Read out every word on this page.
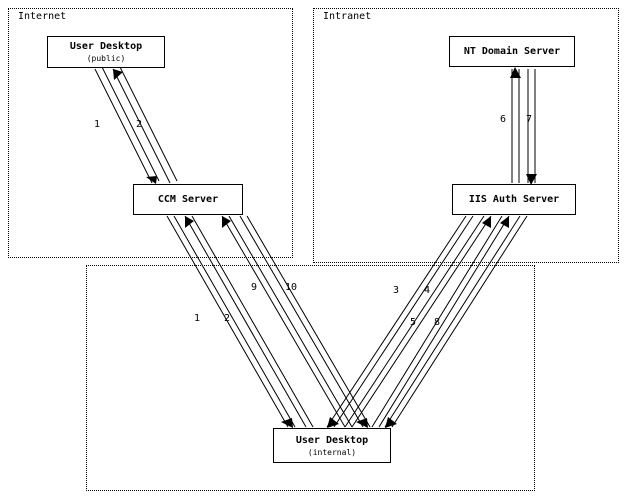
Internet	Intranet
User Desktop
(public)
CCM Server
NT Domain Server
IIS Auth Server
User Desktop
(internal)
1	2	6 7
9	10	3 4
1 2	5 8
